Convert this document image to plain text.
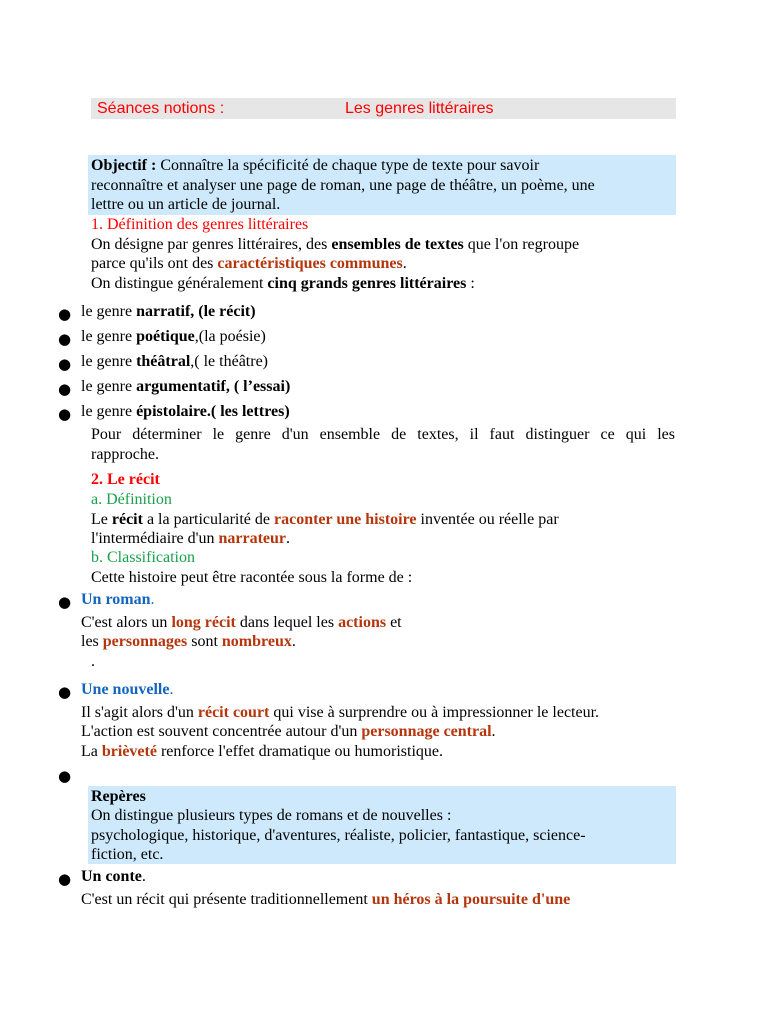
Séances notions :	Les genres littéraires
Objectif : Connaître la spécificité de chaque type de texte pour savoir
reconnaître et analyser une page de roman, une page de théâtre, un poème, une
lettre ou un article de journal.
1. Définition des genres littéraires
On désigne par genres littéraires, des ensembles de textes que l'on regroupe
parce qu'ils ont des caractéristiques communes.
On distingue généralement cinq grands genres littéraires :
● le genre narratif, (le récit)
● le genre poétique,(la poésie)
● le genre théâtral,( le théâtre)
● le genre argumentatif, ( l’essai)
● le genre épistolaire.( les lettres)
Pour déterminer le genre d'un ensemble de textes, il faut distinguer ce qui les
rapproche.
2. Le récit
a. Définition
Le récit a la particularité de raconter une histoire inventée ou réelle par
l'intermédiaire d'un narrateur.
b. Classification
Cette histoire peut être racontée sous la forme de :
● Un roman.
C'est alors un long récit dans lequel les actions et
les personnages sont nombreux.
.
● Une nouvelle.
Il s'agit alors d'un récit court qui vise à surprendre ou à impressionner le lecteur.
L'action est souvent concentrée autour d'un personnage central.
La brièveté renforce l'effet dramatique ou humoristique.
●
Repères
On distingue plusieurs types de romans et de nouvelles :
psychologique, historique, d'aventures, réaliste, policier, fantastique, science-
fiction, etc.
● Un conte.
C'est un récit qui présente traditionnellement un héros à la poursuite d'une
